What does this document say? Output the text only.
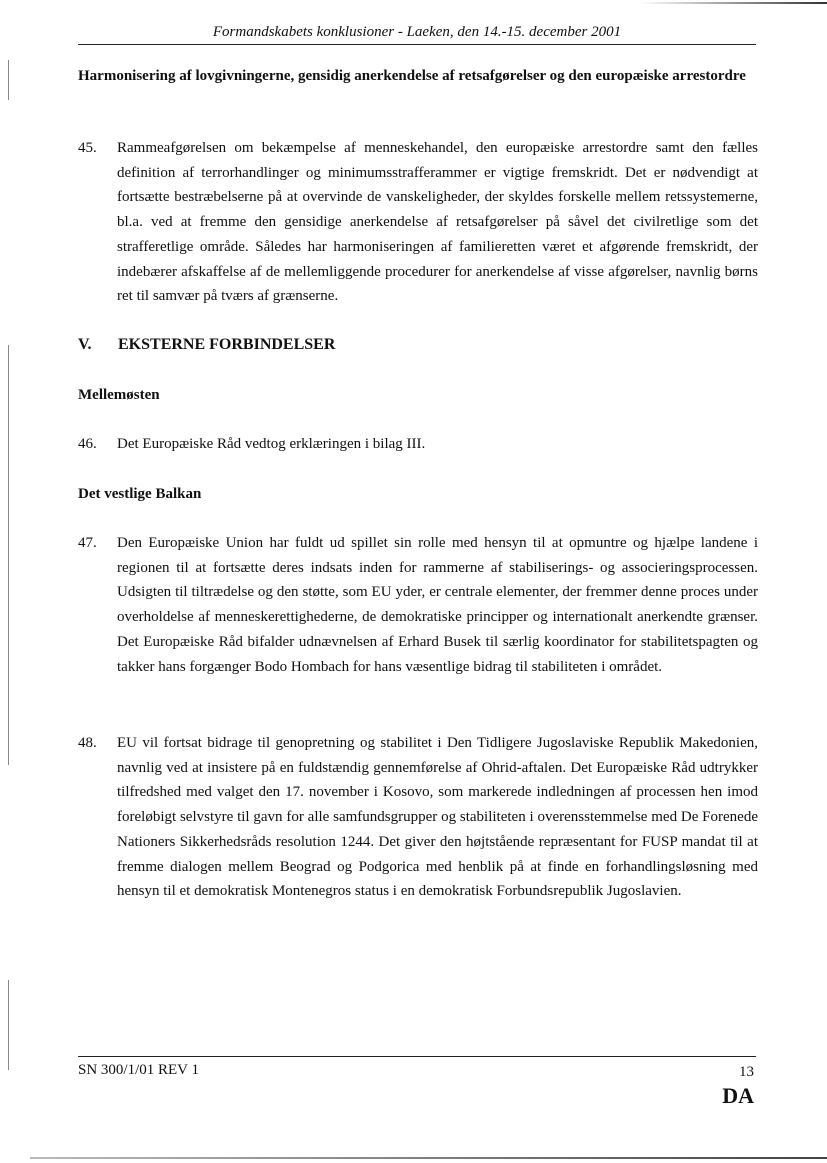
Formandskabets konklusioner - Laeken, den 14.-15. december 2001
Harmonisering af lovgivningerne, gensidig anerkendelse af retsafgørelser og den europæiske arrestordre
45. Rammeafgørelsen om bekæmpelse af menneskehandel, den europæiske arrestordre samt den fælles definition af terrorhandlinger og minimumsstrafferammer er vigtige fremskridt. Det er nødvendigt at fortsætte bestræbelserne på at overvinde de vanskeligheder, der skyldes forskelle mellem retssystemerne, bl.a. ved at fremme den gensidige anerkendelse af retsafgørelser på såvel det civilretlige som det strafferetlige område. Således har harmoniseringen af familieretten været et afgørende fremskridt, der indebærer afskaffelse af de mellemliggende procedurer for anerkendelse af visse afgørelser, navnlig børns ret til samvær på tværs af grænserne.
V. EKSTERNE FORBINDELSER
Mellemøsten
46. Det Europæiske Råd vedtog erklæringen i bilag III.
Det vestlige Balkan
47. Den Europæiske Union har fuldt ud spillet sin rolle med hensyn til at opmuntre og hjælpe landene i regionen til at fortsætte deres indsats inden for rammerne af stabiliserings- og associeringsprocessen. Udsigten til tiltrædelse og den støtte, som EU yder, er centrale elementer, der fremmer denne proces under overholdelse af menneskerettighederne, de demokratiske principper og internationalt anerkendte grænser. Det Europæiske Råd bifalder udnævnelsen af Erhard Busek til særlig koordinator for stabilitetspagten og takker hans forgænger Bodo Hombach for hans væsentlige bidrag til stabiliteten i området.
48. EU vil fortsat bidrage til genopretning og stabilitet i Den Tidligere Jugoslaviske Republik Makedonien, navnlig ved at insistere på en fuldstændig gennemførelse af Ohrid-aftalen. Det Europæiske Råd udtrykker tilfredshed med valget den 17. november i Kosovo, som markerede indledningen af processen hen imod foreløbigt selvstyre til gavn for alle samfundsgrupper og stabiliteten i overensstemmelse med De Forenede Nationers Sikkerhedsråds resolution 1244. Det giver den højtstående repræsentant for FUSP mandat til at fremme dialogen mellem Beograd og Podgorica med henblik på at finde en forhandlingsløsning med hensyn til et demokratisk Montenegros status i en demokratisk Forbundsrepublik Jugoslavien.
SN 300/1/01 REV 1	13
DA
